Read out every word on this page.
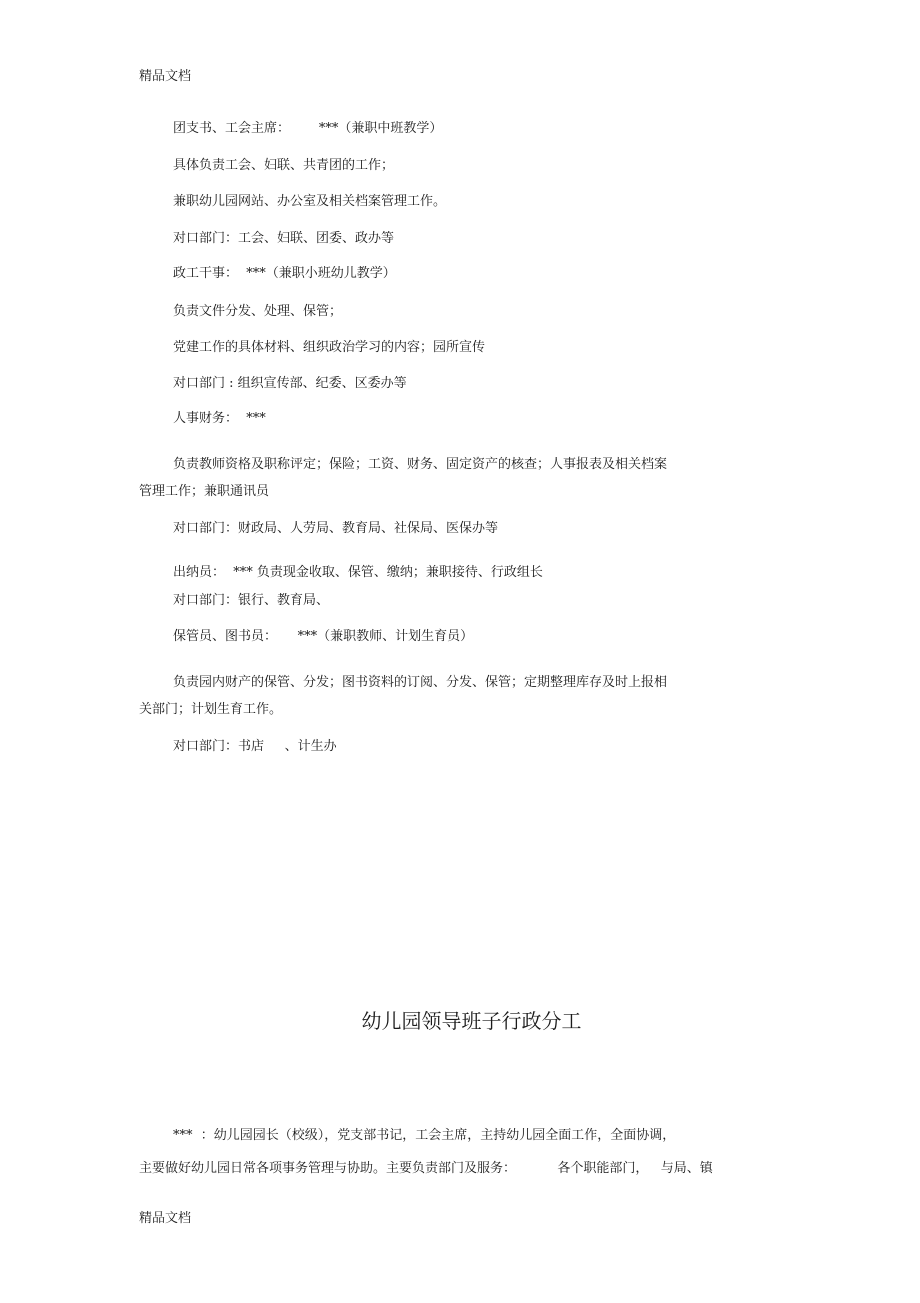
精品文档
团支书、工会主席：       ***（兼职中班教学）
具体负责工会、妇联、共青团的工作；
兼职幼儿园网站、办公室及相关档案管理工作。
对口部门：工会、妇联、团委、政办等
政工干事：  ***（兼职小班幼儿教学）
负责文件分发、处理、保管；
党建工作的具体材料、组织政治学习的内容；园所宣传
对口部门 : 组织宣传部、纪委、区委办等
人事财务：  ***
负责教师资格及职称评定；保险；工资、财务、固定资产的核查；人事报表及相关档案
管理工作；兼职通讯员
对口部门：财政局、人劳局、教育局、社保局、医保办等
出纳员：  *** 负责现金收取、保管、缴纳；兼职接待、行政组长
对口部门：银行、教育局、
保管员、图书员：     ***（兼职教师、计划生育员）
负责园内财产的保管、分发；图书资料的订阅、分发、保管；定期整理库存及时上报相
关部门；计划生育工作。
对口部门：书店     、计生办
幼儿园领导班子行政分工
***  ：幼儿园园长（校级），党支部书记，工会主席，主持幼儿园全面工作，全面协调，
主要做好幼儿园日常各项事务管理与协助。主要负责部门及服务：          各个职能部门，   与局、镇
精品文档
